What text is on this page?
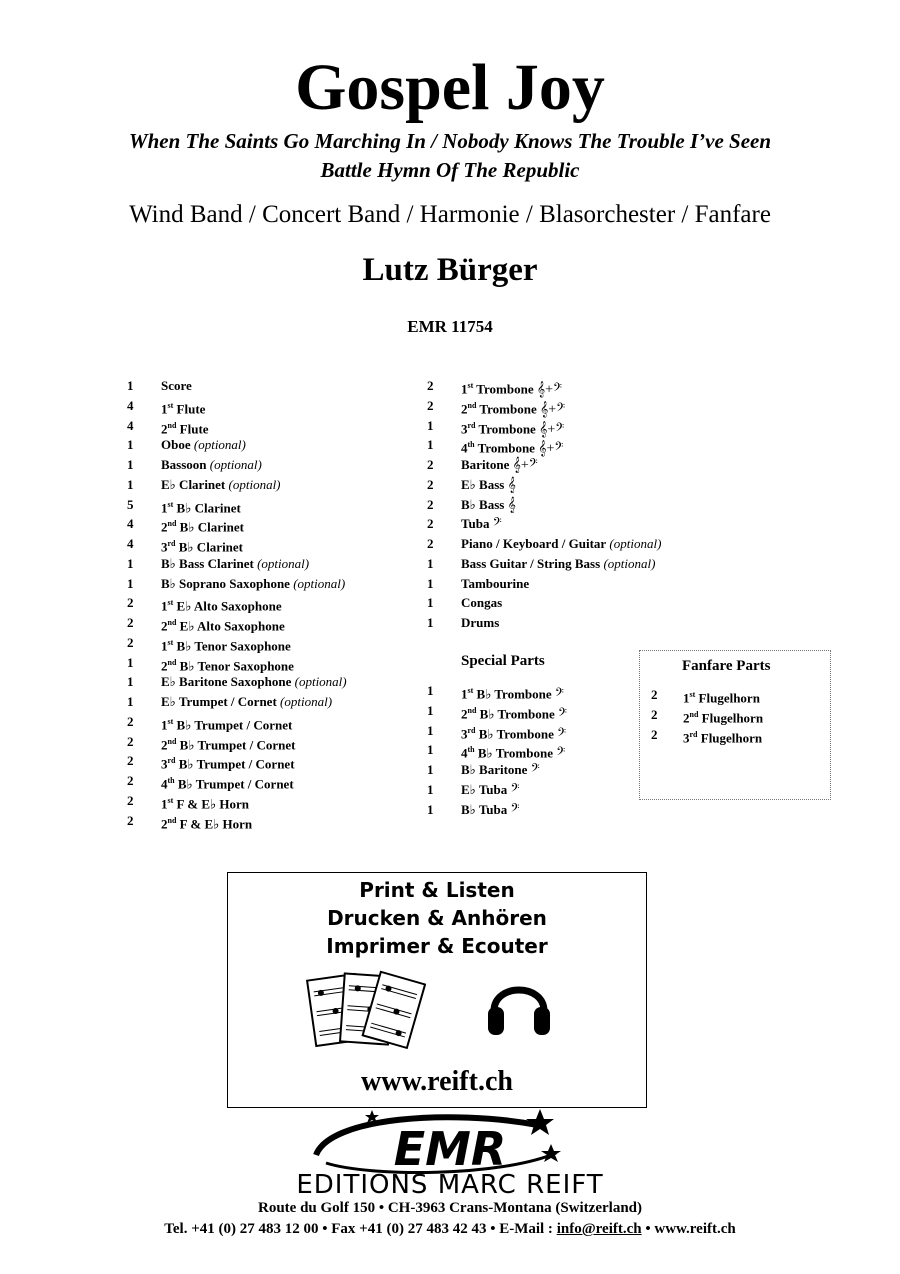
Gospel Joy
When The Saints Go Marching In / Nobody Knows The Trouble I’ve Seen
Battle Hymn Of The Republic
Wind Band / Concert Band / Harmonie / Blasorchester / Fanfare
Lutz Bürger
EMR 11754
1	Score
4	1st Flute
4	2nd Flute
1	Oboe (optional)
1	Bassoon (optional)
1	E♭ Clarinet (optional)
5	1st B♭ Clarinet
4	2nd B♭ Clarinet
4	3rd B♭ Clarinet
1	B♭ Bass Clarinet (optional)
1	B♭ Soprano Saxophone (optional)
2	1st E♭ Alto Saxophone
2	2nd E♭ Alto Saxophone
2	1st B♭ Tenor Saxophone
1	2nd B♭ Tenor Saxophone
1	E♭ Baritone Saxophone (optional)
1	E♭ Trumpet / Cornet (optional)
2	1st B♭ Trumpet / Cornet
2	2nd B♭ Trumpet / Cornet
2	3rd B♭ Trumpet / Cornet
2	4th B♭ Trumpet / Cornet
2	1st F & E♭ Horn
2	2nd F & E♭ Horn
2	1st Trombone 𝄞+𝄢
2	2nd Trombone 𝄞+𝄢
1	3rd Trombone 𝄞+𝄢
1	4th Trombone 𝄞+𝄢
2	Baritone 𝄞+𝄢
2	E♭ Bass 𝄞
2	B♭ Bass 𝄞
2	Tuba 𝄢
2	Piano / Keyboard / Guitar (optional)
1	Bass Guitar / String Bass (optional)
1	Tambourine
1	Congas
1	Drums
Special Parts
1	1st B♭ Trombone 𝄢
1	2nd B♭ Trombone 𝄢
1	3rd B♭ Trombone 𝄢
1	4th B♭ Trombone 𝄢
1	B♭ Baritone 𝄢
1	E♭ Tuba 𝄢
1	B♭ Tuba 𝄢
Fanfare Parts
2	1st Flugelhorn
2	2nd Flugelhorn
2	3rd Flugelhorn
Print & Listen
Drucken & Anhören
Imprimer & Ecouter
www.reift.ch
EMR
EDITIONS MARC REIFT
Route du Golf 150 • CH-3963 Crans-Montana (Switzerland)
Tel. +41 (0) 27 483 12 00 • Fax +41 (0) 27 483 42 43 • E-Mail : info@reift.ch • www.reift.ch
